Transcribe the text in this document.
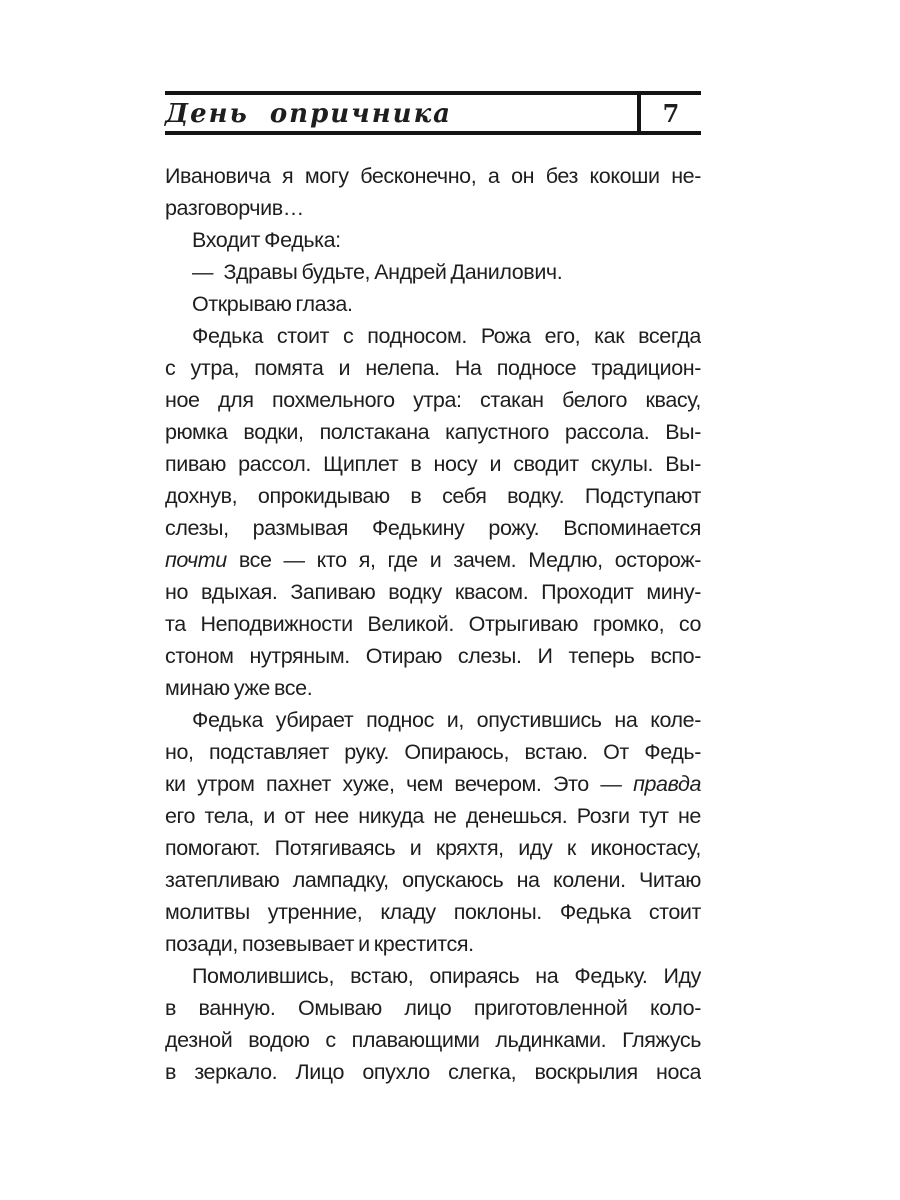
День опричника	7
Ивановича я могу бесконечно, а он без кокоши не-
разговорчив…
Входит Федька:
— Здравы будьте, Андрей Данилович.
Открываю глаза.
Федька стоит с подносом. Рожа его, как всегда
с утра, помята и нелепа. На подносе традицион-
ное для похмельного утра: стакан белого квасу,
рюмка водки, полстакана капустного рассола. Вы-
пиваю рассол. Щиплет в носу и сводит скулы. Вы-
дохнув, опрокидываю в себя водку. Подступают
слезы, размывая Федькину рожу. Вспоминается
почти все — кто я, где и зачем. Медлю, осторож-
но вдыхая. Запиваю водку квасом. Проходит мину-
та Неподвижности Великой. Отрыгиваю громко, со
стоном нутряным. Отираю слезы. И теперь вспо-
минаю уже все.
Федька убирает поднос и, опустившись на коле-
но, подставляет руку. Опираюсь, встаю. От Федь-
ки утром пахнет хуже, чем вечером. Это — правда
его тела, и от нее никуда не денешься. Розги тут не
помогают. Потягиваясь и кряхтя, иду к иконостасу,
затепливаю лампадку, опускаюсь на колени. Читаю
молитвы утренние, кладу поклоны. Федька стоит
позади, позевывает и крестится.
Помолившись, встаю, опираясь на Федьку. Иду
в ванную. Омываю лицо приготовленной коло-
дезной водою с плавающими льдинками. Гляжусь
в зеркало. Лицо опухло слегка, воскрылия носа
